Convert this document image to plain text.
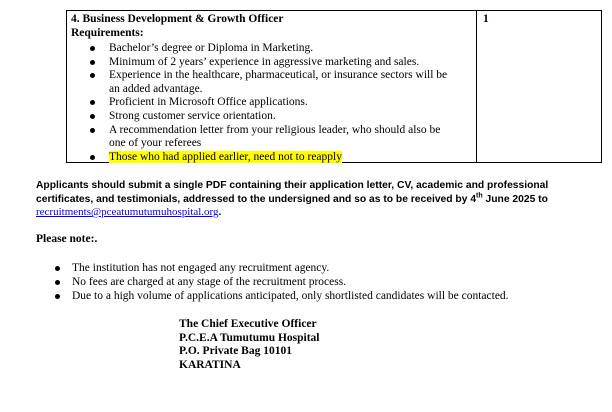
4. Business Development & Growth Officer	1
Requirements:
Bachelor’s degree or Diploma in Marketing.
Minimum of 2 years’ experience in aggressive marketing and sales.
Experience in the healthcare, pharmaceutical, or insurance sectors will be
an added advantage.
Proficient in Microsoft Office applications.
Strong customer service orientation.
A recommendation letter from your religious leader, who should also be
one of your referees
Those who had applied earlier, need not to reapply
Applicants should submit a single PDF containing their application letter, CV, academic and professional
certificates, and testimonials, addressed to the undersigned and so as to be received by 4th June 2025 to
recruitments@pceatumutumuhospital.org.
Please note:.
The institution has not engaged any recruitment agency.
No fees are charged at any stage of the recruitment process.
Due to a high volume of applications anticipated, only shortlisted candidates will be contacted.
The Chief Executive Officer
P.C.E.A Tumutumu Hospital
P.O. Private Bag 10101
KARATINA
